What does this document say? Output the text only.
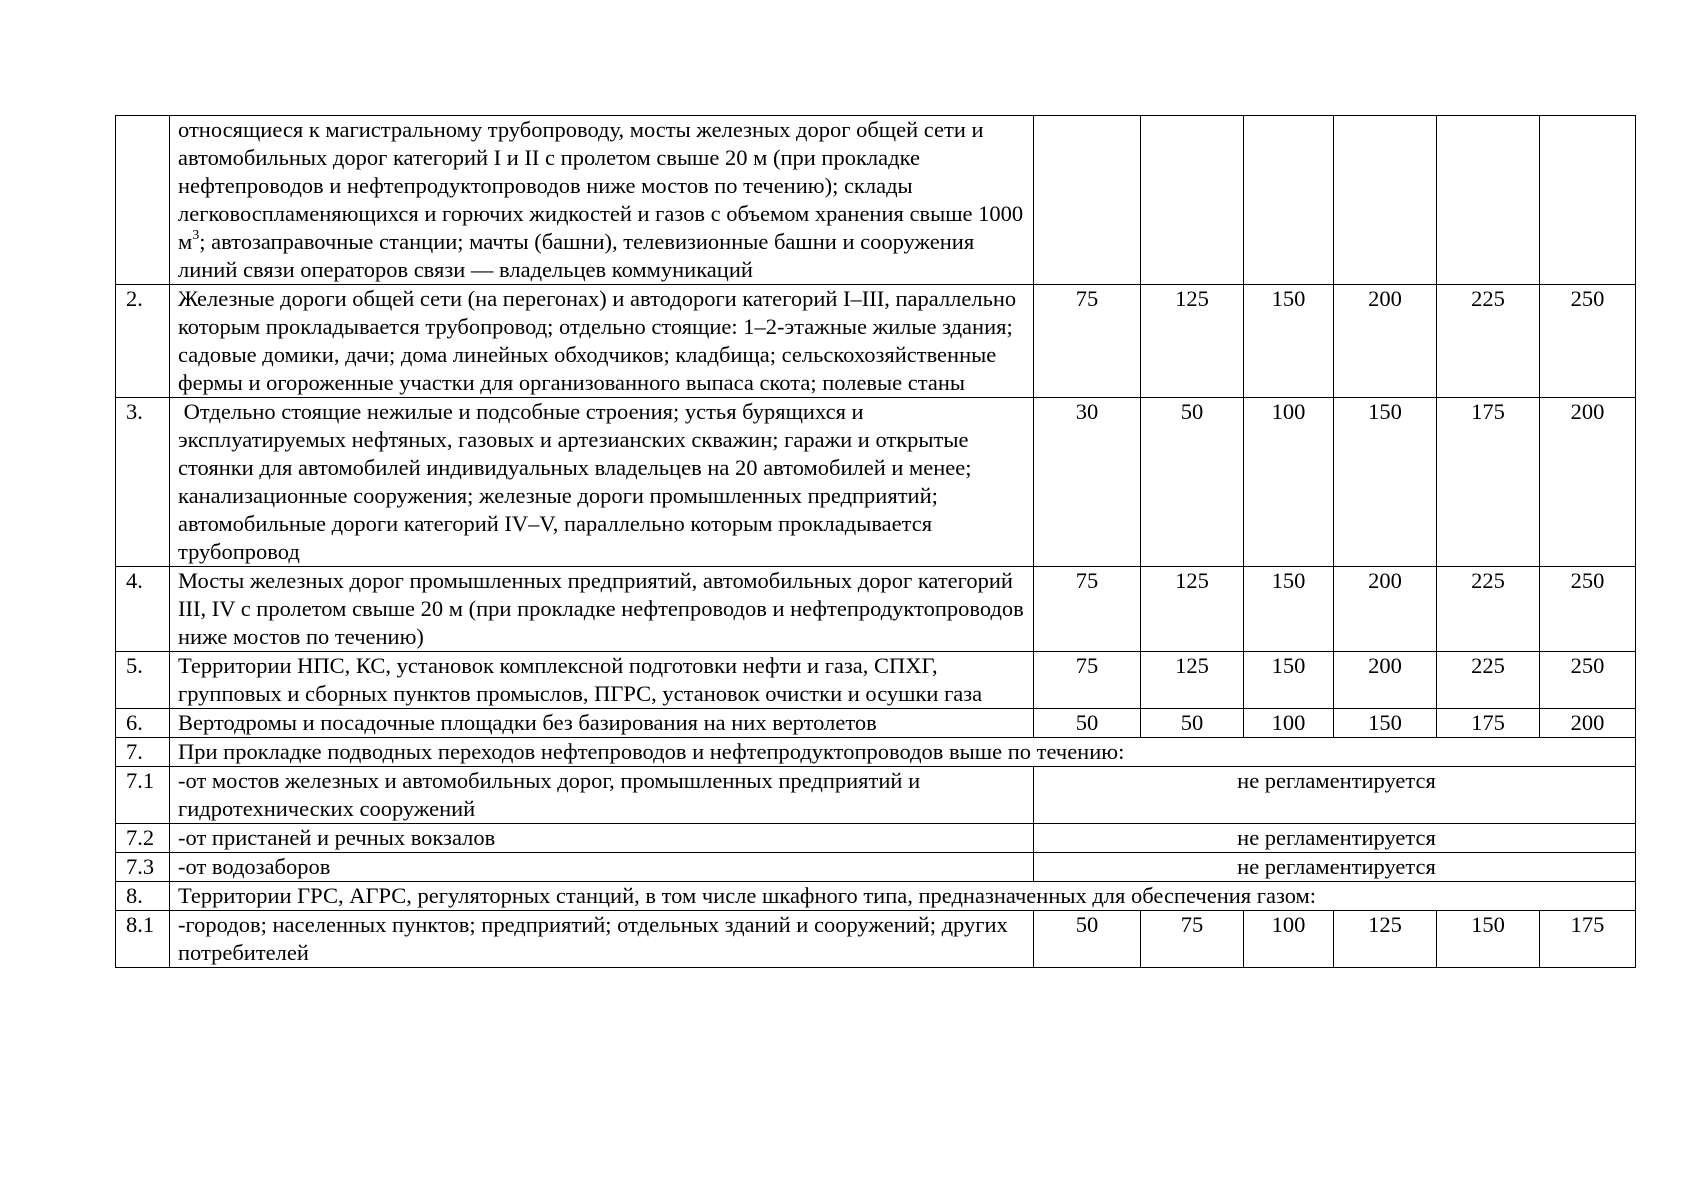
	относящиеся к магистральному трубопроводу, мосты железных дорог общей сети и автомобильных дорог категорий I и II с пролетом свыше 20 м (при прокладке нефтепроводов и нефтепродуктопроводов ниже мостов по течению); склады легковоспламеняющихся и горючих жидкостей и газов с объемом хранения свыше 1000 $м^3$; автозаправочные станции; мачты (башни), телевизионные башни и сооружения линий связи операторов связи — владельцев коммуникаций						
2.	Железные дороги общей сети (на перегонах) и автодороги категорий I–III, параллельно которым прокладывается трубопровод; отдельно стоящие: 1–2-этажные жилые здания; садовые домики, дачи; дома линейных обходчиков; кладбища; сельскохозяйственные фермы и огороженные участки для организованного выпаса скота; полевые станы	75	125	150	200	225	250
3.	Отдельно стоящие нежилые и подсобные строения; устья бурящихся и эксплуатируемых нефтяных, газовых и артезианских скважин; гаражи и открытые стоянки для автомобилей индивидуальных владельцев на 20 автомобилей и менее; канализационные сооружения; железные дороги промышленных предприятий; автомобильные дороги категорий IV–V, параллельно которым прокладывается трубопровод	30	50	100	150	175	200
4.	Мосты железных дорог промышленных предприятий, автомобильных дорог категорий III, IV с пролетом свыше 20 м (при прокладке нефтепроводов и нефтепродуктопроводов ниже мостов по течению)	75	125	150	200	225	250
5.	Территории НПС, КС, установок комплексной подготовки нефти и газа, СПХГ, групповых и сборных пунктов промыслов, ПГРС, установок очистки и осушки газа	75	125	150	200	225	250
6.	Вертодромы и посадочные площадки без базирования на них вертолетов	50	50	100	150	175	200
7.	При прокладке подводных переходов нефтепроводов и нефтепродуктопроводов выше по течению:						
7.1	-от мостов железных и автомобильных дорог, промышленных предприятий и гидротехнических сооружений	не регламентируется					
7.2	-от пристаней и речных вокзалов	не регламентируется					
7.3	-от водозаборов	не регламентируется					
8.	Территории ГРС, АГРС, регуляторных станций, в том числе шкафного типа, предназначенных для обеспечения газом:						
8.1	-городов; населенных пунктов; предприятий; отдельных зданий и сооружений; других потребителей	50	75	100	125	150	175
